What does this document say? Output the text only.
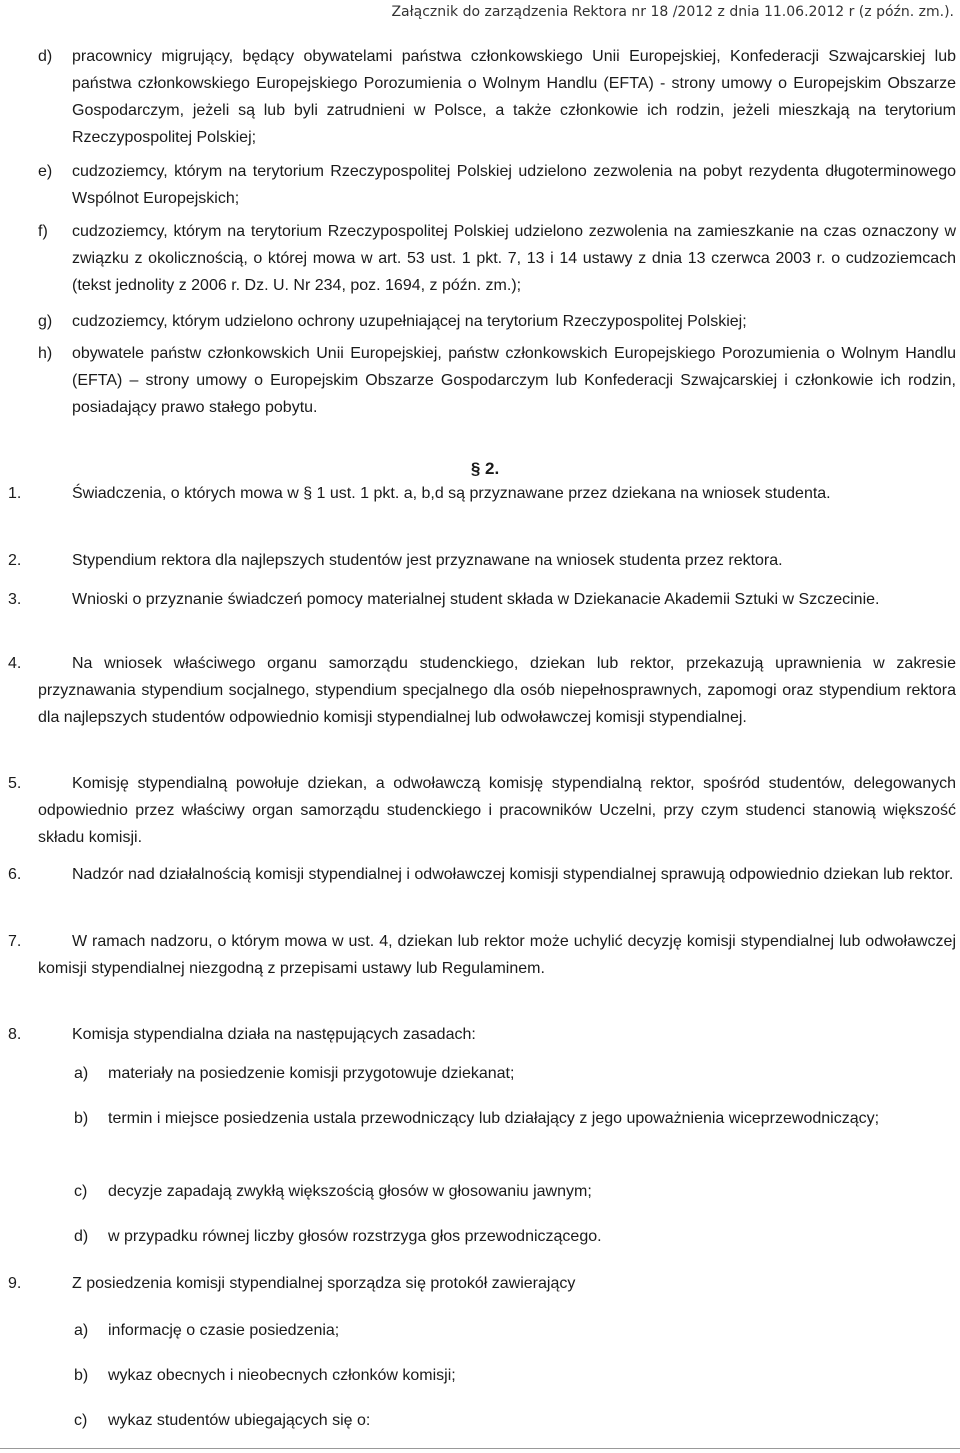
Załącznik do zarządzenia Rektora nr 18 /2012 z dnia 11.06.2012 r (z późn. zm.).
d) pracownicy migrujący, będący obywatelami państwa członkowskiego Unii Europejskiej, Konfederacji Szwajcarskiej lub państwa członkowskiego Europejskiego Porozumienia o Wolnym Handlu (EFTA) - strony umowy o Europejskim Obszarze Gospodarczym, jeżeli są lub byli zatrudnieni w Polsce, a także członkowie ich rodzin, jeżeli mieszkają na terytorium Rzeczypospolitej Polskiej;
e) cudzoziemcy, którym na terytorium Rzeczypospolitej Polskiej udzielono zezwolenia na pobyt rezydenta długoterminowego Wspólnot Europejskich;
f) cudzoziemcy, którym na terytorium Rzeczypospolitej Polskiej udzielono zezwolenia na zamieszkanie na czas oznaczony w związku z okolicznością, o której mowa w art. 53 ust. 1 pkt. 7, 13 i 14 ustawy z dnia 13 czerwca 2003 r. o cudzoziemcach (tekst jednolity z 2006 r. Dz. U. Nr 234, poz. 1694, z późn. zm.);
g) cudzoziemcy, którym udzielono ochrony uzupełniającej na terytorium Rzeczypospolitej Polskiej;
h) obywatele państw członkowskich Unii Europejskiej, państw członkowskich Europejskiego Porozumienia o Wolnym Handlu (EFTA) – strony umowy o Europejskim Obszarze Gospodarczym lub Konfederacji Szwajcarskiej i członkowie ich rodzin, posiadający prawo stałego pobytu.
§ 2.
1.	Świadczenia, o których mowa w § 1 ust. 1 pkt. a, b,d są przyznawane przez dziekana na wniosek studenta.
2.	Stypendium rektora dla najlepszych studentów jest przyznawane na wniosek studenta przez rektora.
3.	Wnioski o przyznanie świadczeń pomocy materialnej student składa w Dziekanacie Akademii Sztuki w Szczecinie.
4.	Na wniosek właściwego organu samorządu studenckiego, dziekan lub rektor, przekazują uprawnienia w zakresie przyznawania stypendium socjalnego, stypendium specjalnego dla osób niepełnosprawnych, zapomogi oraz stypendium rektora dla najlepszych studentów odpowiednio komisji stypendialnej lub odwoławczej komisji stypendialnej.
5.	Komisję stypendialną powołuje dziekan, a odwoławczą komisję stypendialną rektor, spośród studentów, delegowanych odpowiednio przez właściwy organ samorządu studenckiego i pracowników Uczelni, przy czym studenci stanowią większość składu komisji.
6.	Nadzór nad działalnością komisji stypendialnej i odwoławczej komisji stypendialnej sprawują odpowiednio dziekan lub rektor.
7.	W ramach nadzoru, o którym mowa w ust. 4, dziekan lub rektor może uchylić decyzję komisji stypendialnej lub odwoławczej komisji stypendialnej niezgodną z przepisami ustawy lub Regulaminem.
8.	Komisja stypendialna działa na następujących zasadach:
a) materiały na posiedzenie komisji przygotowuje dziekanat;
b) termin i miejsce posiedzenia ustala przewodniczący lub działający z jego upoważnienia wiceprzewodniczący;
c) decyzje zapadają zwykłą większością głosów w głosowaniu jawnym;
d) w przypadku równej liczby głosów rozstrzyga głos przewodniczącego.
9.	Z posiedzenia komisji stypendialnej sporządza się protokół zawierający
a) informację o czasie posiedzenia;
b) wykaz obecnych i nieobecnych członków komisji;
c) wykaz studentów ubiegających się o:
